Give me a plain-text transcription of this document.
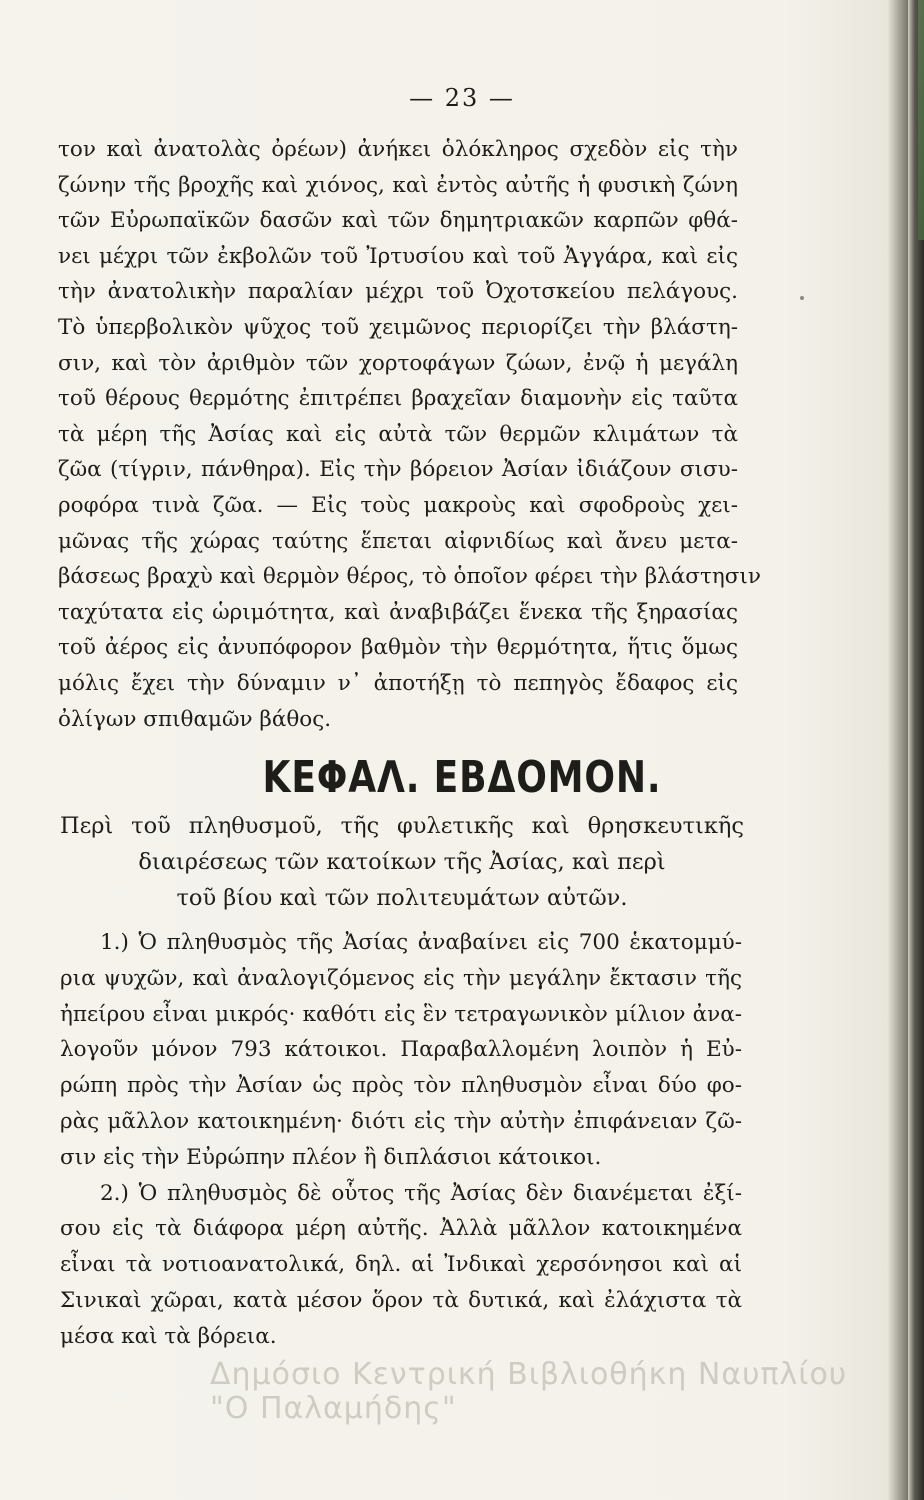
— 23 —
τον καὶ ἀνατολὰς ὀρέων) ἀνήκει ὁλόκληρος σχεδὸν εἰς τὴν
ζώνην τῆς βροχῆς καὶ χιόνος, καὶ ἐντὸς αὐτῆς ἡ φυσικὴ ζώνη
τῶν Εὐρωπαϊκῶν δασῶν καὶ τῶν δημητριακῶν καρπῶν φθά-
νει μέχρι τῶν ἐκβολῶν τοῦ Ἰρτυσίου καὶ τοῦ Ἀγγάρα, καὶ εἰς
τὴν ἀνατολικὴν παραλίαν μέχρι τοῦ Ὀχοτσκείου πελάγους.
Τὸ ὑπερβολικὸν ψῦχος τοῦ χειμῶνος περιορίζει τὴν βλάστη-
σιν, καὶ τὸν ἀριθμὸν τῶν χορτοφάγων ζώων, ἐνῷ ἡ μεγάλη
τοῦ θέρους θερμότης ἐπιτρέπει βραχεῖαν διαμονὴν εἰς ταῦτα
τὰ μέρη τῆς Ἀσίας καὶ εἰς αὐτὰ τῶν θερμῶν κλιμάτων τὰ
ζῶα (τίγριν, πάνθηρα). Εἰς τὴν βόρειον Ἀσίαν ἰδιάζουν σισυ-
ροφόρα τινὰ ζῶα. — Εἰς τοὺς μακροὺς καὶ σφοδροὺς χει-
μῶνας τῆς χώρας ταύτης ἕπεται αἰφνιδίως καὶ ἄνευ μετα-
βάσεως βραχὺ καὶ θερμὸν θέρος, τὸ ὁποῖον φέρει τὴν βλάστησιν
ταχύτατα εἰς ὡριμότητα, καὶ ἀναβιβάζει ἕνεκα τῆς ξηρασίας
τοῦ ἀέρος εἰς ἀνυπόφορον βαθμὸν τὴν θερμότητα, ἥτις ὅμως
μόλις ἔχει τὴν δύναμιν ν᾽ ἀποτήξῃ τὸ πεπηγὸς ἔδαφος εἰς
ὀλίγων σπιθαμῶν βάθος.
ΚΕΦΑΛ. ΕΒΔΟΜΟΝ.
Περὶ τοῦ πληθυσμοῦ, τῆς φυλετικῆς καὶ θρησκευτικῆς
διαιρέσεως τῶν κατοίκων τῆς Ἀσίας, καὶ περὶ
τοῦ βίου καὶ τῶν πολιτευμάτων αὐτῶν.
1.) Ὁ πληθυσμὸς τῆς Ἀσίας ἀναβαίνει εἰς 700 ἑκατομμύ-
ρια ψυχῶν, καὶ ἀναλογιζόμενος εἰς τὴν μεγάλην ἔκτασιν τῆς
ἠπείρου εἶναι μικρός· καθότι εἰς ἓν τετραγωνικὸν μίλιον ἀνα-
λογοῦν μόνον 793 κάτοικοι. Παραβαλλομένη λοιπὸν ἡ Εὐ-
ρώπη πρὸς τὴν Ἀσίαν ὡς πρὸς τὸν πληθυσμὸν εἶναι δύο φο-
ρὰς μᾶλλον κατοικημένη· διότι εἰς τὴν αὐτὴν ἐπιφάνειαν ζῶ-
σιν εἰς τὴν Εὐρώπην πλέον ἢ διπλάσιοι κάτοικοι.
2.) Ὁ πληθυσμὸς δὲ οὗτος τῆς Ἀσίας δὲν διανέμεται ἐξί-
σου εἰς τὰ διάφορα μέρη αὐτῆς. Ἀλλὰ μᾶλλον κατοικημένα
εἶναι τὰ νοτιοανατολικά, δηλ. αἱ Ἰνδικαὶ χερσόνησοι καὶ αἱ
Σινικαὶ χῶραι, κατὰ μέσον ὅρον τὰ δυτικά, καὶ ἐλάχιστα τὰ
μέσα καὶ τὰ βόρεια.
Δημόσιο Κεντρική Βιβλιοθήκη Ναυπλίου
"Ο Παλαμήδης"
